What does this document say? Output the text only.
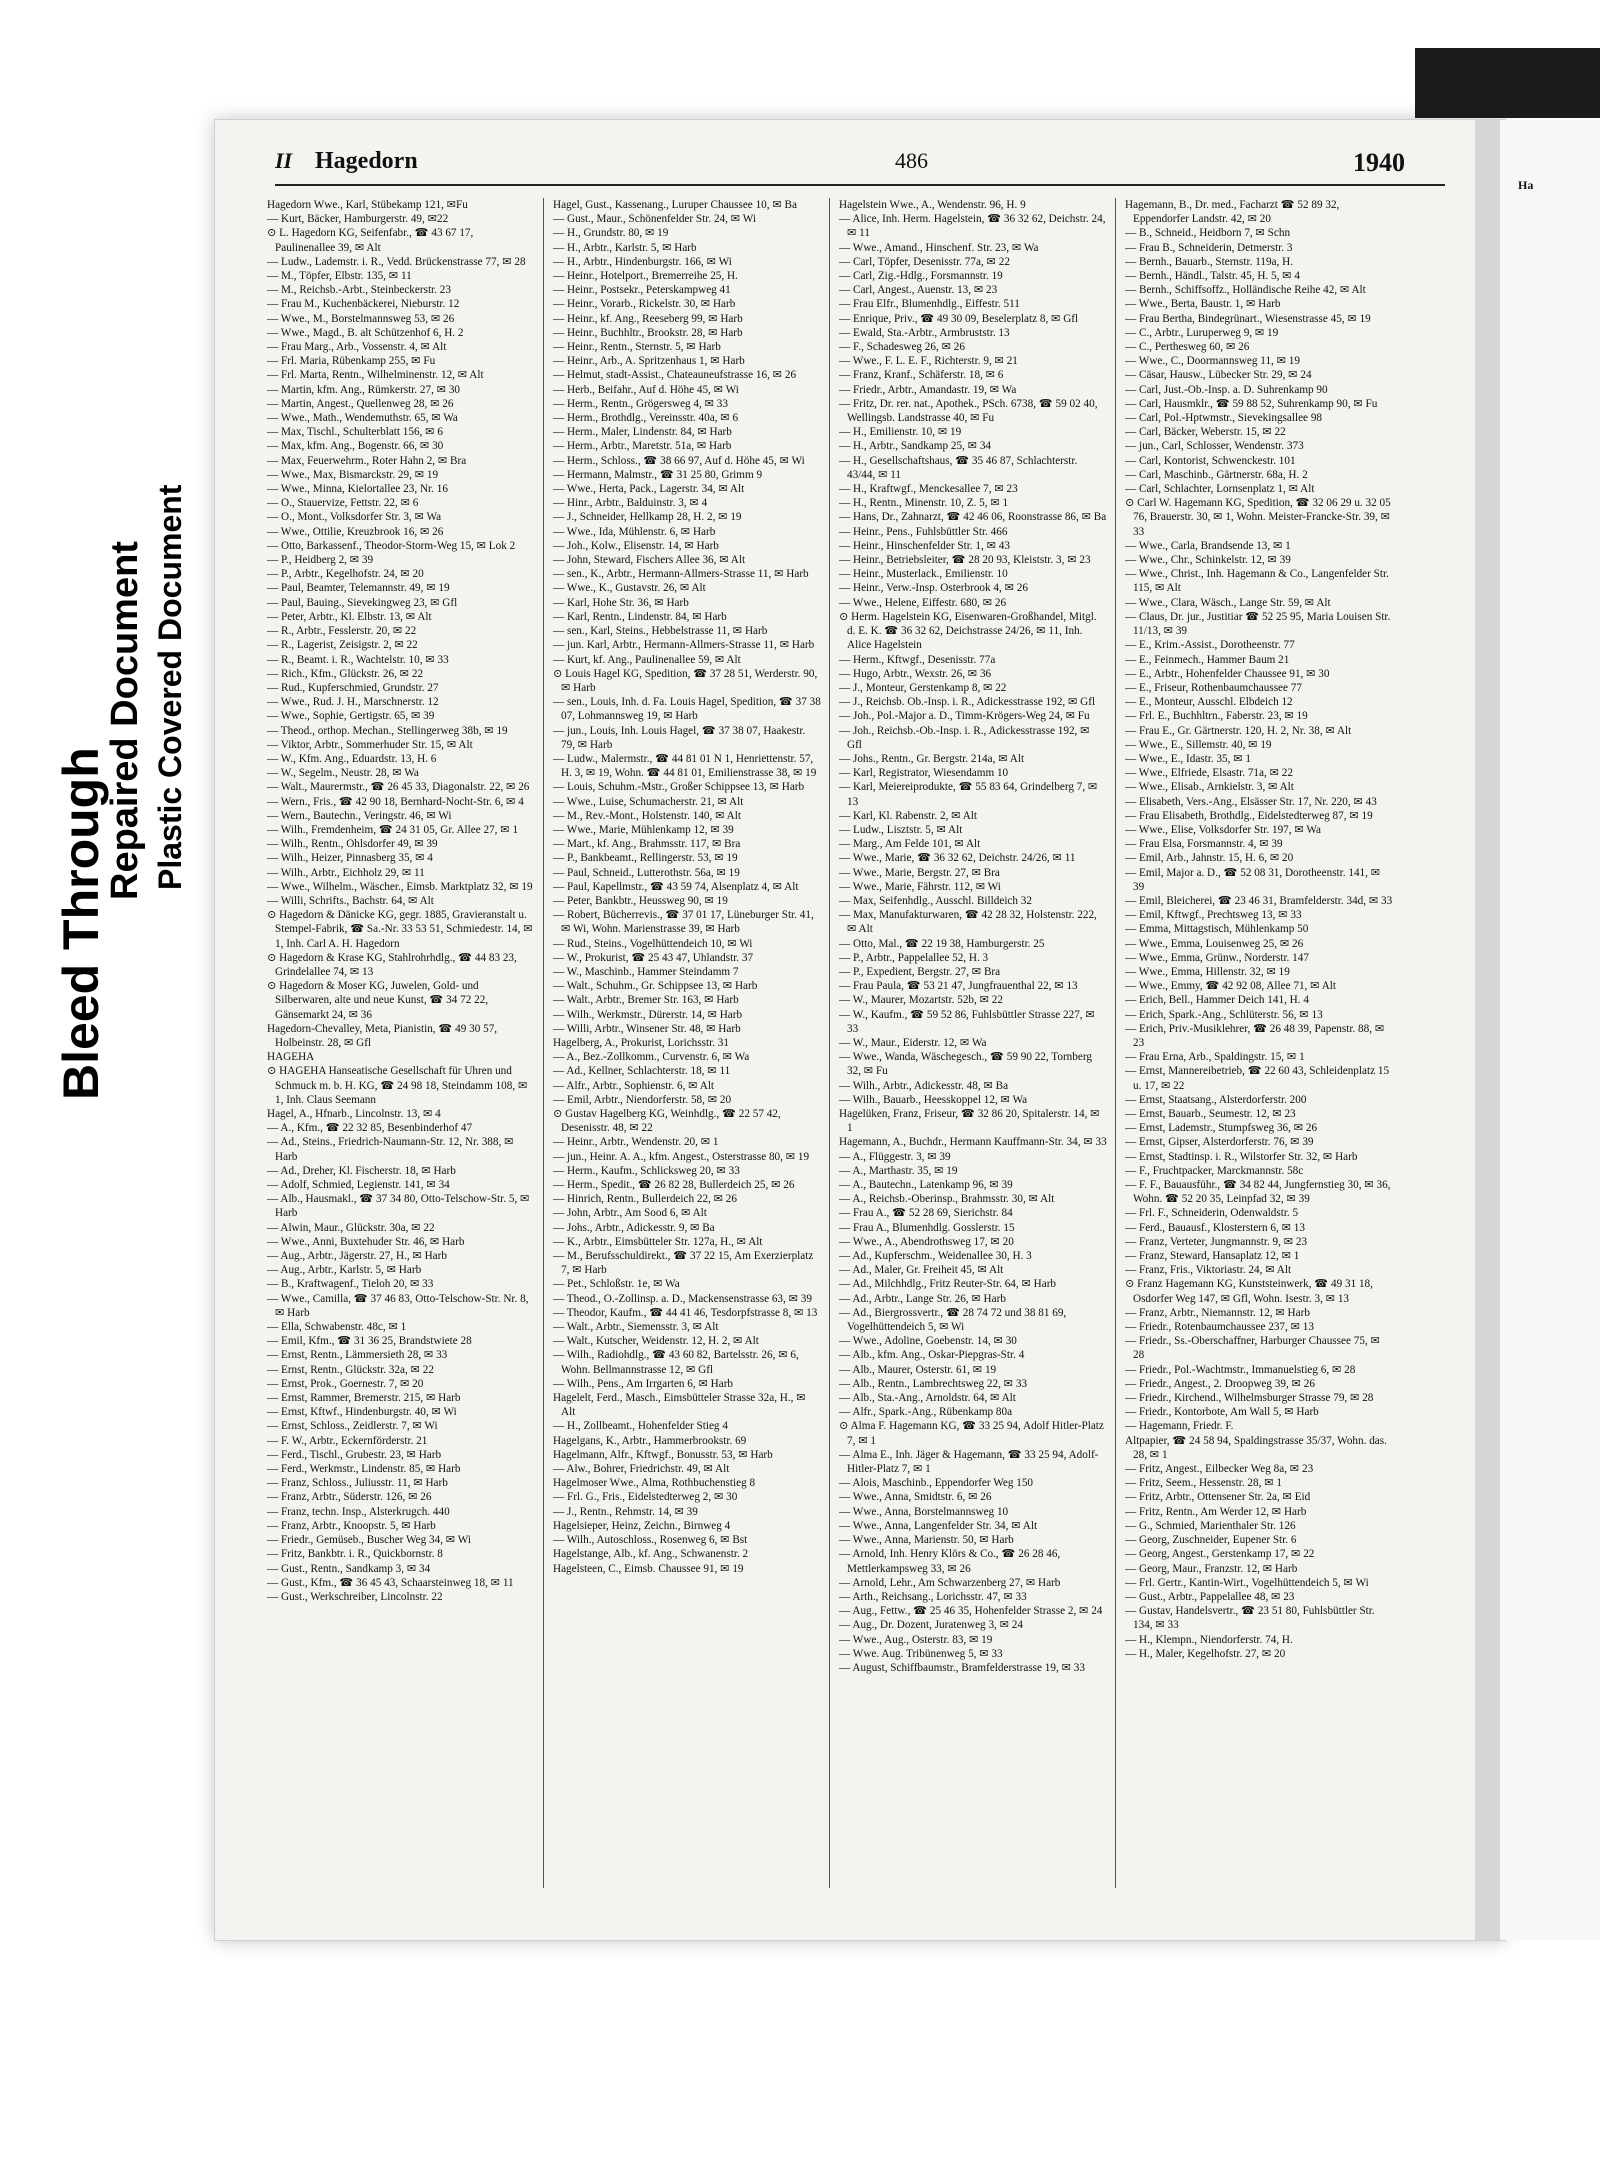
Bleed Through
Repaired Document Plastic Covered Document
II Hagedorn	486	1940

Hagedorn Wwe., Karl, Stübekamp 121, ✉Fu

— Kurt, Bäcker, Hamburgerstr. 49, ✉22

⊙ L. Hagedorn KG, Seifenfabr., ☎ 43 67 17, Paulinenallee 39, ✉ Alt

— Ludw., Lademstr. i. R., Vedd. Brückenstrasse 77, ✉ 28

— M., Töpfer, Elbstr. 135, ✉ 11

— M., Reichsb.-Arbt., Steinbeckerstr. 23

— Frau M., Kuchenbäckerei, Nieburstr. 12

— Wwe., M., Borstelmannsweg 53, ✉ 26

— Wwe., Magd., B. alt Schützenhof 6, H. 2

— Frau Marg., Arb., Vossenstr. 4, ✉ Alt

— Frl. Maria, Rübenkamp 255, ✉ Fu

— Frl. Marta, Rentn., Wilhelminenstr. 12, ✉ Alt

— Martin, kfm. Ang., Rümkerstr. 27, ✉ 30

— Martin, Angest., Quellenweg 28, ✉ 26

— Wwe., Math., Wendemuthstr. 65, ✉ Wa

— Max, Tischl., Schulterblatt 156, ✉ 6

— Max, kfm. Ang., Bogenstr. 66, ✉ 30

— Max, Feuerwehrm., Roter Hahn 2, ✉ Bra

— Wwe., Max, Bismarckstr. 29, ✉ 19

— Wwe., Minna, Kielortallee 23, Nr. 16

— O., Stauervize, Fettstr. 22, ✉ 6

— O., Mont., Volksdorfer Str. 3, ✉ Wa

— Wwe., Ottilie, Kreuzbrook 16, ✉ 26

— Otto, Barkassenf., Theodor-Storm-Weg 15, ✉ Lok 2

— P., Heidberg 2, ✉ 39

— P., Arbtr., Kegelhofstr. 24, ✉ 20

— Paul, Beamter, Telemannstr. 49, ✉ 19

— Paul, Bauing., Sievekingweg 23, ✉ Gfl

— Peter, Arbtr., Kl. Elbstr. 13, ✉ Alt

— R., Arbtr., Fesslerstr. 20, ✉ 22

— R., Lagerist, Zeisigstr. 2, ✉ 22

— R., Beamt. i. R., Wachtelstr. 10, ✉ 33

— Rich., Kfm., Glückstr. 26, ✉ 22

— Rud., Kupferschmied, Grundstr. 27

— Wwe., Rud. J. H., Marschnerstr. 12

— Wwe., Sophie, Gertigstr. 65, ✉ 39

— Theod., orthop. Mechan., Stellingerweg 38b, ✉ 19

— Viktor, Arbtr., Sommerhuder Str. 15, ✉ Alt

— W., Kfm. Ang., Eduardstr. 13, H. 6

— W., Segelm., Neustr. 28, ✉ Wa

— Walt., Maurermstr., ☎ 26 45 33, Diagonalstr. 22, ✉ 26

— Wern., Fris., ☎ 42 90 18, Bernhard-Nocht-Str. 6, ✉ 4

— Wern., Bautechn., Veringstr. 46, ✉ Wi

— Wilh., Fremdenheim, ☎ 24 31 05, Gr. Allee 27, ✉ 1

— Wilh., Rentn., Ohlsdorfer 49, ✉ 39

— Wilh., Heizer, Pinnasberg 35, ✉ 4

— Wilh., Arbtr., Eichholz 29, ✉ 11

— Wwe., Wilhelm., Wäscher., Eimsb. Marktplatz 32, ✉ 19

— Willi, Schrifts., Bachstr. 64, ✉ Alt

⊙ Hagedorn & Dänicke KG, gegr. 1885, Gravieranstalt u. Stempel-Fabrik, ☎ Sa.-Nr. 33 53 51, Schmiedestr. 14, ✉ 1, Inh. Carl A. H. Hagedorn

⊙ Hagedorn & Krase KG, Stahlrohrhdlg., ☎ 44 83 23, Grindelallee 74, ✉ 13

⊙ Hagedorn & Moser KG, Juwelen, Gold- und Silberwaren, alte und neue Kunst, ☎ 34 72 22, Gänsemarkt 24, ✉ 36

Hagedorn-Chevalley, Meta, Pianistin, ☎ 49 30 57, Holbeinstr. 28, ✉ Gfl

HAGEHA

⊙ HAGEHA Hanseatische Gesellschaft für Uhren und Schmuck m. b. H. KG, ☎ 24 98 18, Steindamm 108, ✉ 1, Inh. Claus Seemann

Hagel, A., Hfnarb., Lincolnstr. 13, ✉ 4

— A., Kfm., ☎ 22 32 85, Besenbinderhof 47

— Ad., Steins., Friedrich-Naumann-Str. 12, Nr. 388, ✉ Harb

— Ad., Dreher, Kl. Fischerstr. 18, ✉ Harb

— Adolf, Schmied, Legienstr. 141, ✉ 34

— Alb., Hausmakl., ☎ 37 34 80, Otto-Telschow-Str. 5, ✉ Harb

— Alwin, Maur., Glückstr. 30a, ✉ 22

— Wwe., Anni, Buxtehuder Str. 46, ✉ Harb

— Aug., Arbtr., Jägerstr. 27, H., ✉ Harb

— Aug., Arbtr., Karlstr. 5, ✉ Harb

— B., Kraftwagenf., Tieloh 20, ✉ 33

— Wwe., Camilla, ☎ 37 46 83, Otto-Telschow-Str. Nr. 8, ✉ Harb

— Ella, Schwabenstr. 48c, ✉ 1

— Emil, Kfm., ☎ 31 36 25, Brandstwiete 28

— Ernst, Rentn., Lämmersieth 28, ✉ 33

— Ernst, Rentn., Glückstr. 32a, ✉ 22

— Ernst, Prok., Goernestr. 7, ✉ 20

— Ernst, Rammer, Bremerstr. 215, ✉ Harb

— Ernst, Kftwf., Hindenburgstr. 40, ✉ Wi

— Ernst, Schloss., Zeidlerstr. 7, ✉ Wi

— F. W., Arbtr., Eckernförderstr. 21

— Ferd., Tischl., Grubestr. 23, ✉ Harb

— Ferd., Werkmstr., Lindenstr. 85, ✉ Harb

— Franz, Schloss., Juliusstr. 11, ✉ Harb

— Franz, Arbtr., Süderstr. 126, ✉ 26

— Franz, techn. Insp., Alsterkrugch. 440

— Franz, Arbtr., Knoopstr. 5, ✉ Harb

— Friedr., Gemüseb., Buscher Weg 34, ✉ Wi

— Fritz, Bankbtr. i. R., Quickbornstr. 8

— Gust., Rentn., Sandkamp 3, ✉ 34

— Gust., Kfm., ☎ 36 45 43, Schaarsteinweg 18, ✉ 11

— Gust., Werkschreiber, Lincolnstr. 22

Hagel, Gust., Kassenang., Luruper Chaussee 10, ✉ Ba

— Gust., Maur., Schönenfelder Str. 24, ✉ Wi

— H., Grundstr. 80, ✉ 19

— H., Arbtr., Karlstr. 5, ✉ Harb

— H., Arbtr., Hindenburgstr. 166, ✉ Wi

— Heinr., Hotelport., Bremerreihe 25, H.

— Heinr., Postsekr., Peterskampweg 41

— Heinr., Vorarb., Rickelstr. 30, ✉ Harb

— Heinr., kf. Ang., Reeseberg 99, ✉ Harb

— Heinr., Buchhltr., Brookstr. 28, ✉ Harb

— Heinr., Rentn., Sternstr. 5, ✉ Harb

— Heinr., Arb., A. Spritzenhaus 1, ✉ Harb

— Helmut, stadt-Assist., Chateauneufstrasse 16, ✉ 26

— Herb., Beifahr., Auf d. Höhe 45, ✉ Wi

— Herm., Rentn., Grögersweg 4, ✉ 33

— Herm., Brothdlg., Vereinsstr. 40a, ✉ 6

— Herm., Maler, Lindenstr. 84, ✉ Harb

— Herm., Arbtr., Maretstr. 51a, ✉ Harb

— Herm., Schloss., ☎ 38 66 97, Auf d. Höhe 45, ✉ Wi

— Hermann, Malmstr., ☎ 31 25 80, Grimm 9

— Wwe., Herta, Pack., Lagerstr. 34, ✉ Alt

— Hinr., Arbtr., Balduinstr. 3, ✉ 4

— J., Schneider, Hellkamp 28, H. 2, ✉ 19

— Wwe., Ida, Mühlenstr. 6, ✉ Harb

— Joh., Kolw., Elisenstr. 14, ✉ Harb

— John, Steward, Fischers Allee 36, ✉ Alt

— sen., K., Arbtr., Hermann-Allmers-Strasse 11, ✉ Harb

— Wwe., K., Gustavstr. 26, ✉ Alt

— Karl, Hohe Str. 36, ✉ Harb

— Karl, Rentn., Lindenstr. 84, ✉ Harb

— sen., Karl, Steins., Hebbelstrasse 11, ✉ Harb

— jun. Karl, Arbtr., Hermann-Allmers-Strasse 11, ✉ Harb

— Kurt, kf. Ang., Paulinenallee 59, ✉ Alt

⊙ Louis Hagel KG, Spedition, ☎ 37 28 51, Werderstr. 90, ✉ Harb

— sen., Louis, Inh. d. Fa. Louis Hagel, Spedition, ☎ 37 38 07, Lohmannsweg 19, ✉ Harb

— jun., Louis, Inh. Louis Hagel, ☎ 37 38 07, Haakestr. 79, ✉ Harb

— Ludw., Malermstr., ☎ 44 81 01 N 1, Henriettenstr. 57, H. 3, ✉ 19, Wohn. ☎ 44 81 01, Emilienstrasse 38, ✉ 19

— Louis, Schuhm.-Mstr., Großer Schippsee 13, ✉ Harb

— Wwe., Luise, Schumacherstr. 21, ✉ Alt

— M., Rev.-Mont., Holstenstr. 140, ✉ Alt

— Wwe., Marie, Mühlenkamp 12, ✉ 39

— Mart., kf. Ang., Brahmsstr. 117, ✉ Bra

— P., Bankbeamt., Rellingerstr. 53, ✉ 19

— Paul, Schneid., Lutterothstr. 56a, ✉ 19

— Paul, Kapellmstr., ☎ 43 59 74, Alsenplatz 4, ✉ Alt

— Peter, Bankbtr., Heussweg 90, ✉ 19

— Robert, Bücherrevis., ☎ 37 01 17, Lüneburger Str. 41, ✉ Wi, Wohn. Marienstrasse 39, ✉ Harb

— Rud., Steins., Vogelhüttendeich 10, ✉ Wi

— W., Prokurist, ☎ 25 43 47, Uhlandstr. 37

— W., Maschinb., Hammer Steindamm 7

— Walt., Schuhm., Gr. Schippsee 13, ✉ Harb

— Walt., Arbtr., Bremer Str. 163, ✉ Harb

— Wilh., Werkmstr., Dürerstr. 14, ✉ Harb

— Willi, Arbtr., Winsener Str. 48, ✉ Harb

Hagelberg, A., Prokurist, Lorichsstr. 31

— A., Bez.-Zollkomm., Curvenstr. 6, ✉ Wa

— Ad., Kellner, Schlachterstr. 18, ✉ 11

— Alfr., Arbtr., Sophienstr. 6, ✉ Alt

— Emil, Arbtr., Niendorferstr. 58, ✉ 20

⊙ Gustav Hagelberg KG, Weinhdlg., ☎ 22 57 42, Desenisstr. 48, ✉ 22

— Heinr., Arbtr., Wendenstr. 20, ✉ 1

— jun., Heinr. A. A., kfm. Angest., Osterstrasse 80, ✉ 19

— Herm., Kaufm., Schlicksweg 20, ✉ 33

— Herm., Spedit., ☎ 26 82 28, Bullerdeich 25, ✉ 26

— Hinrich, Rentn., Bullerdeich 22, ✉ 26

— John, Arbtr., Am Sood 6, ✉ Alt

— Johs., Arbtr., Adickesstr. 9, ✉ Ba

— K., Arbtr., Eimsbütteler Str. 127a, H., ✉ Alt

— M., Berufsschuldirekt., ☎ 37 22 15, Am Exerzierplatz 7, ✉ Harb

— Pet., Schloßstr. 1e, ✉ Wa

— Theod., O.-Zollinsp. a. D., Mackensenstrasse 63, ✉ 39

— Theodor, Kaufm., ☎ 44 41 46, Tesdorpfstrasse 8, ✉ 13

— Walt., Arbtr., Siemensstr. 3, ✉ Alt

— Walt., Kutscher, Weidenstr. 12, H. 2, ✉ Alt

— Wilh., Radiohdlg., ☎ 43 60 82, Bartelsstr. 26, ✉ 6, Wohn. Bellmannstrasse 12, ✉ Gfl

— Wilh., Pens., Am Irrgarten 6, ✉ Harb

Hagelelt, Ferd., Masch., Eimsbütteler Strasse 32a, H., ✉ Alt

— H., Zollbeamt., Hohenfelder Stieg 4

Hagelgans, K., Arbtr., Hammerbrookstr. 69

Hagelmann, Alfr., Kftwgf., Bonusstr. 53, ✉ Harb

— Alw., Bohrer, Friedrichstr. 49, ✉ Alt

Hagelmoser Wwe., Alma, Rothbuchenstieg 8

— Frl. G., Fris., Eidelstedterweg 2, ✉ 30

— J., Rentn., Rehmstr. 14, ✉ 39

Hagelsieper, Heinz, Zeichn., Birnweg 4

— Wilh., Autoschloss., Rosenweg 6, ✉ Bst

Hagelstange, Alb., kf. Ang., Schwanenstr. 2

Hagelsteen, C., Eimsb. Chaussee 91, ✉ 19

Hagelstein Wwe., A., Wendenstr. 96, H. 9

— Alice, Inh. Herm. Hagelstein, ☎ 36 32 62, Deichstr. 24, ✉ 11

— Wwe., Amand., Hinschenf. Str. 23, ✉ Wa

— Carl, Töpfer, Desenisstr. 77a, ✉ 22

— Carl, Zig.-Hdlg., Forsmannstr. 19

— Carl, Angest., Auenstr. 13, ✉ 23

— Frau Elfr., Blumenhdlg., Eiffestr. 511

— Enrique, Priv., ☎ 49 30 09, Beselerplatz 8, ✉ Gfl

— Ewald, Sta.-Arbtr., Armbruststr. 13

— F., Schadesweg 26, ✉ 26

— Wwe., F. L. E. F., Richterstr. 9, ✉ 21

— Franz, Kranf., Schäferstr. 18, ✉ 6

— Friedr., Arbtr., Amandastr. 19, ✉ Wa

— Fritz, Dr. rer. nat., Apothek., PSch. 6738, ☎ 59 02 40, Wellingsb. Landstrasse 40, ✉ Fu

— H., Emilienstr. 10, ✉ 19

— H., Arbtr., Sandkamp 25, ✉ 34

— H., Gesellschaftshaus, ☎ 35 46 87, Schlachterstr. 43/44, ✉ 11

— H., Kraftwgf., Menckesallee 7, ✉ 23

— H., Rentn., Minenstr. 10, Z. 5, ✉ 1

— Hans, Dr., Zahnarzt, ☎ 42 46 06, Roonstrasse 86, ✉ Ba

— Heinr., Pens., Fuhlsbüttler Str. 466

— Heinr., Hinschenfelder Str. 1, ✉ 43

— Heinr., Betriebsleiter, ☎ 28 20 93, Kleiststr. 3, ✉ 23

— Heinr., Musterlack., Emilienstr. 10

— Heinr., Verw.-Insp. Osterbrook 4, ✉ 26

— Wwe., Helene, Eiffestr. 680, ✉ 26

⊙ Herm. Hagelstein KG, Eisenwaren-Großhandel, Mitgl. d. E. K. ☎ 36 32 62, Deichstrasse 24/26, ✉ 11, Inh. Alice Hagelstein

— Herm., Kftwgf., Desenisstr. 77a

— Hugo, Arbtr., Wexstr. 26, ✉ 36

— J., Monteur, Gerstenkamp 8, ✉ 22

— J., Reichsb. Ob.-Insp. i. R., Adickesstrasse 192, ✉ Gfl

— Joh., Pol.-Major a. D., Timm-Krögers-Weg 24, ✉ Fu

— Joh., Reichsb.-Ob.-Insp. i. R., Adickesstrasse 192, ✉ Gfl

— Johs., Rentn., Gr. Bergstr. 214a, ✉ Alt

— Karl, Registrator, Wiesendamm 10

— Karl, Meiereiprodukte, ☎ 55 83 64, Grindelberg 7, ✉ 13

— Karl, Kl. Rabenstr. 2, ✉ Alt

— Ludw., Lisztstr. 5, ✉ Alt

— Marg., Am Felde 101, ✉ Alt

— Wwe., Marie, ☎ 36 32 62, Deichstr. 24/26, ✉ 11

— Wwe., Marie, Bergstr. 27, ✉ Bra

— Wwe., Marie, Fährstr. 112, ✉ Wi

— Max, Seifenhdlg., Ausschl. Billdeich 32

— Max, Manufakturwaren, ☎ 42 28 32, Holstenstr. 222, ✉ Alt

— Otto, Mal., ☎ 22 19 38, Hamburgerstr. 25

— P., Arbtr., Pappelallee 52, H. 3

— P., Expedient, Bergstr. 27, ✉ Bra

— Frau Paula, ☎ 53 21 47, Jungfrauenthal 22, ✉ 13

— W., Maurer, Mozartstr. 52b, ✉ 22

— W., Kaufm., ☎ 59 52 86, Fuhlsbüttler Strasse 227, ✉ 33

— W., Maur., Eiderstr. 12, ✉ Wa

— Wwe., Wanda, Wäschegesch., ☎ 59 90 22, Tornberg 32, ✉ Fu

— Wilh., Arbtr., Adickesstr. 48, ✉ Ba

— Wilh., Bauarb., Heesskoppel 12, ✉ Wa

Hagelüken, Franz, Friseur, ☎ 32 86 20, Spitalerstr. 14, ✉ 1

Hagemann, A., Buchdr., Hermann Kauffmann-Str. 34, ✉ 33

— A., Flüggestr. 3, ✉ 39

— A., Marthastr. 35, ✉ 19

— A., Bautechn., Latenkamp 96, ✉ 39

— A., Reichsb.-Oberinsp., Brahmsstr. 30, ✉ Alt

— Frau A., ☎ 52 28 69, Sierichstr. 84

— Frau A., Blumenhdlg. Gosslerstr. 15

— Wwe., A., Abendrothsweg 17, ✉ 20

— Ad., Kupferschm., Weidenallee 30, H. 3

— Ad., Maler, Gr. Freiheit 45, ✉ Alt

— Ad., Milchhdlg., Fritz Reuter-Str. 64, ✉ Harb

— Ad., Arbtr., Lange Str. 26, ✉ Harb

— Ad., Biergrossvertr., ☎ 28 74 72 und 38 81 69, Vogelhüttendeich 5, ✉ Wi

— Wwe., Adoline, Goebenstr. 14, ✉ 30

— Alb., kfm. Ang., Oskar-Piepgras-Str. 4

— Alb., Maurer, Osterstr. 61, ✉ 19

— Alb., Rentn., Lambrechtsweg 22, ✉ 33

— Alb., Sta.-Ang., Arnoldstr. 64, ✉ Alt

— Alfr., Spark.-Ang., Rübenkamp 80a

⊙ Alma F. Hagemann KG, ☎ 33 25 94, Adolf Hitler-Platz 7, ✉ 1

— Alma E., Inh. Jäger & Hagemann, ☎ 33 25 94, Adolf-Hitler-Platz 7, ✉ 1

— Alois, Maschinb., Eppendorfer Weg 150

— Wwe., Anna, Smidtstr. 6, ✉ 26

— Wwe., Anna, Borstelmannsweg 10

— Wwe., Anna, Langenfelder Str. 34, ✉ Alt

— Wwe., Anna, Marienstr. 50, ✉ Harb

— Arnold, Inh. Henry Klörs & Co., ☎ 26 28 46, Mettlerkampsweg 33, ✉ 26

— Arnold, Lehr., Am Schwarzenberg 27, ✉ Harb

— Arth., Reichsang., Lorichsstr. 47, ✉ 33

— Aug., Fettw., ☎ 25 46 35, Hohenfelder Strasse 2, ✉ 24

— Aug., Dr. Dozent, Juratenweg 3, ✉ 24

— Wwe., Aug., Osterstr. 83, ✉ 19

— Wwe. Aug. Tribünenweg 5, ✉ 33

— August, Schiffbaumstr., Bramfelderstrasse 19, ✉ 33

Hagemann, B., Dr. med., Facharzt ☎ 52 89 32, Eppendorfer Landstr. 42, ✉ 20

— B., Schneid., Heidborn 7, ✉ Schn

— Frau B., Schneiderin, Detmerstr. 3

— Bernh., Bauarb., Sternstr. 119a, H.

— Bernh., Händl., Talstr. 45, H. 5, ✉ 4

— Bernh., Schiffsoffz., Holländische Reihe 42, ✉ Alt

— Wwe., Berta, Baustr. 1, ✉ Harb

— Frau Bertha, Bindegrünart., Wiesenstrasse 45, ✉ 19

— C., Arbtr., Luruperweg 9, ✉ 19

— C., Perthesweg 60, ✉ 26

— Wwe., C., Doormannsweg 11, ✉ 19

— Cäsar, Hausw., Lübecker Str. 29, ✉ 24

— Carl, Just.-Ob.-Insp. a. D. Suhrenkamp 90

— Carl, Hausmklr., ☎ 59 88 52, Suhrenkamp 90, ✉ Fu

— Carl, Pol.-Hptwmstr., Sievekingsallee 98

— Carl, Bäcker, Weberstr. 15, ✉ 22

— jun., Carl, Schlosser, Wendenstr. 373

— Carl, Kontorist, Schwenckestr. 101

— Carl, Maschinb., Gärtnerstr. 68a, H. 2

— Carl, Schlachter, Lornsenplatz 1, ✉ Alt

⊙ Carl W. Hagemann KG, Spedition, ☎ 32 06 29 u. 32 05 76, Brauerstr. 30, ✉ 1, Wohn. Meister-Francke-Str. 39, ✉ 33

— Wwe., Carla, Brandsende 13, ✉ 1

— Wwe., Chr., Schinkelstr. 12, ✉ 39

— Wwe., Christ., Inh. Hagemann & Co., Langenfelder Str. 115, ✉ Alt

— Wwe., Clara, Wäsch., Lange Str. 59, ✉ Alt

— Claus, Dr. jur., Justitiar ☎ 52 25 95, Maria Louisen Str. 11/13, ✉ 39

— E., Krim.-Assist., Dorotheenstr. 77

— E., Feinmech., Hammer Baum 21

— E., Arbtr., Hohenfelder Chaussee 91, ✉ 30

— E., Friseur, Rothenbaumchaussee 77

— E., Monteur, Ausschl. Elbdeich 12

— Frl. E., Buchhltrn., Faberstr. 23, ✉ 19

— Frau E., Gr. Gärtnerstr. 120, H. 2, Nr. 38, ✉ Alt

— Wwe., E., Sillemstr. 40, ✉ 19

— Wwe., E., Idastr. 35, ✉ 1

— Wwe., Elfriede, Elsastr. 71a, ✉ 22

— Wwe., Elisab., Arnkielstr. 3, ✉ Alt

— Elisabeth, Vers.-Ang., Elsässer Str. 17, Nr. 220, ✉ 43

— Frau Elisabeth, Brothdlg., Eidelstedterweg 87, ✉ 19

— Wwe., Elise, Volksdorfer Str. 197, ✉ Wa

— Frau Elsa, Forsmannstr. 4, ✉ 39

— Emil, Arb., Jahnstr. 15, H. 6, ✉ 20

— Emil, Major a. D., ☎ 52 08 31, Dorotheenstr. 141, ✉ 39

— Emil, Bleicherei, ☎ 23 46 31, Bramfelderstr. 34d, ✉ 33

— Emil, Kftwgf., Prechtsweg 13, ✉ 33

— Emma, Mittagstisch, Mühlenkamp 50

— Wwe., Emma, Louisenweg 25, ✉ 26

— Wwe., Emma, Grünw., Norderstr. 147

— Wwe., Emma, Hillenstr. 32, ✉ 19

— Wwe., Emmy, ☎ 42 92 08, Allee 71, ✉ Alt

— Erich, Bell., Hammer Deich 141, H. 4

— Erich, Spark.-Ang., Schlüterstr. 56, ✉ 13

— Erich, Priv.-Musiklehrer, ☎ 26 48 39, Papenstr. 88, ✉ 23

— Frau Erna, Arb., Spaldingstr. 15, ✉ 1

— Ernst, Mannereibetrieb, ☎ 22 60 43, Schleidenplatz 15 u. 17, ✉ 22

— Ernst, Staatsang., Alsterdorferstr. 200

— Ernst, Bauarb., Seumestr. 12, ✉ 23

— Ernst, Lademstr., Stumpfsweg 36, ✉ 26

— Ernst, Gipser, Alsterdorferstr. 76, ✉ 39

— Ernst, Stadtinsp. i. R., Wilstorfer Str. 32, ✉ Harb

— F., Fruchtpacker, Marckmannstr. 58c

— F. F., Bauausführ., ☎ 34 82 44, Jungfernstieg 30, ✉ 36, Wohn. ☎ 52 20 35, Leinpfad 32, ✉ 39

— Frl. F., Schneiderin, Odenwaldstr. 5

— Ferd., Bauausf., Klosterstern 6, ✉ 13

— Franz, Verteter, Jungmannstr. 9, ✉ 23

— Franz, Steward, Hansaplatz 12, ✉ 1

— Franz, Fris., Viktoriastr. 24, ✉ Alt

⊙ Franz Hagemann KG, Kunststeinwerk, ☎ 49 31 18, Osdorfer Weg 147, ✉ Gfl, Wohn. Isestr. 3, ✉ 13

— Franz, Arbtr., Niemannstr. 12, ✉ Harb

— Friedr., Rotenbaumchaussee 237, ✉ 13

— Friedr., Ss.-Oberschaffner, Harburger Chaussee 75, ✉ 28

— Friedr., Pol.-Wachtmstr., Immanuelstieg 6, ✉ 28

— Friedr., Angest., 2. Droopweg 39, ✉ 26

— Friedr., Kirchend., Wilhelmsburger Strasse 79, ✉ 28

— Friedr., Kontorbote, Am Wall 5, ✉ Harb

— Hagemann, Friedr. F.

Altpapier, ☎ 24 58 94, Spaldingstrasse 35/37, Wohn. das. 28, ✉ 1

— Fritz, Angest., Eilbecker Weg 8a, ✉ 23

— Fritz, Seem., Hessenstr. 28, ✉ 1

— Fritz, Arbtr., Ottensener Str. 2a, ✉ Eid

— Fritz, Rentn., Am Werder 12, ✉ Harb

— G., Schmied, Marienthaler Str. 126

— Georg, Zuschneider, Eupener Str. 6

— Georg, Angest., Gerstenkamp 17, ✉ 22

— Georg, Maur., Franzstr. 12, ✉ Harb

— Frl. Gertr., Kantin-Wirt., Vogelhüttendeich 5, ✉ Wi

— Gust., Arbtr., Pappelallee 48, ✉ 23

— Gustav, Handelsvertr., ☎ 23 51 80, Fuhlsbüttler Str. 134, ✉ 33

— H., Klempn., Niendorferstr. 74, H.

— H., Maler, Kegelhofstr. 27, ✉ 20

Ha
